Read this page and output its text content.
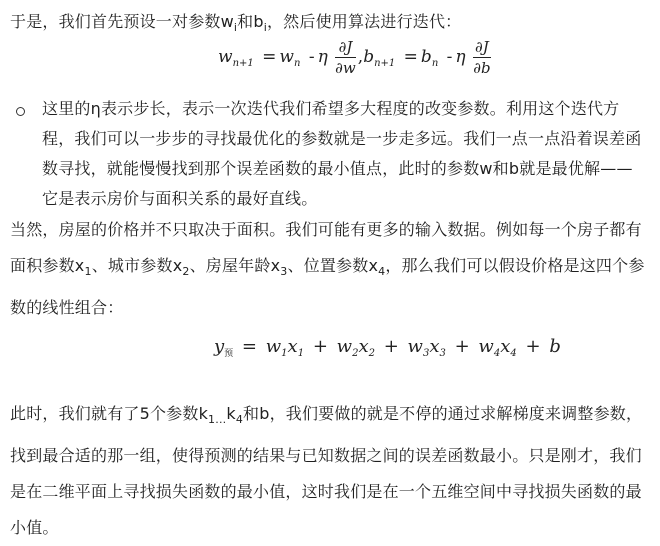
于是，我们首先预设一对参数$w_i$和$b_i$，然后使用算法进行迭代：

$w_{n+1} = w_n - \eta \frac{\partial J}{\partial w} ,b_{n+1} = b_n - \eta \frac{\partial J}{\partial b}$

这里的η表示步长，表示一次迭代我们希望多大程度的改变参数。利用这个迭代方程，我们可以一步步的寻找最优化的参数就是一步走多远。我们一点一点沿着误差函数寻找，就能慢慢找到那个误差函数的最小值点，此时的参数w和b就是最优解——它是表示房价与面积关系的最好直线。

当然，房屋的价格并不只取决于面积。我们可能有更多的输入数据。例如每一个房子都有面积参数$x_1$、城市参数$x_2$、房屋年龄$x_3$、位置参数$x_4$，那么我们可以假设价格是这四个参数的线性组合：

$y_预 = w_1x_1 + w_2x_2 + w_3x_3 + w_4x_4 + b$

此时，我们就有了5个参数$k_{1...}k_4$和b，我们要做的就是不停的通过求解梯度来调整参数，找到最合适的那一组，使得预测的结果与已知数据之间的误差函数最小。只是刚才，我们是在二维平面上寻找损失函数的最小值，这时我们是在一个五维空间中寻找损失函数的最小值。
